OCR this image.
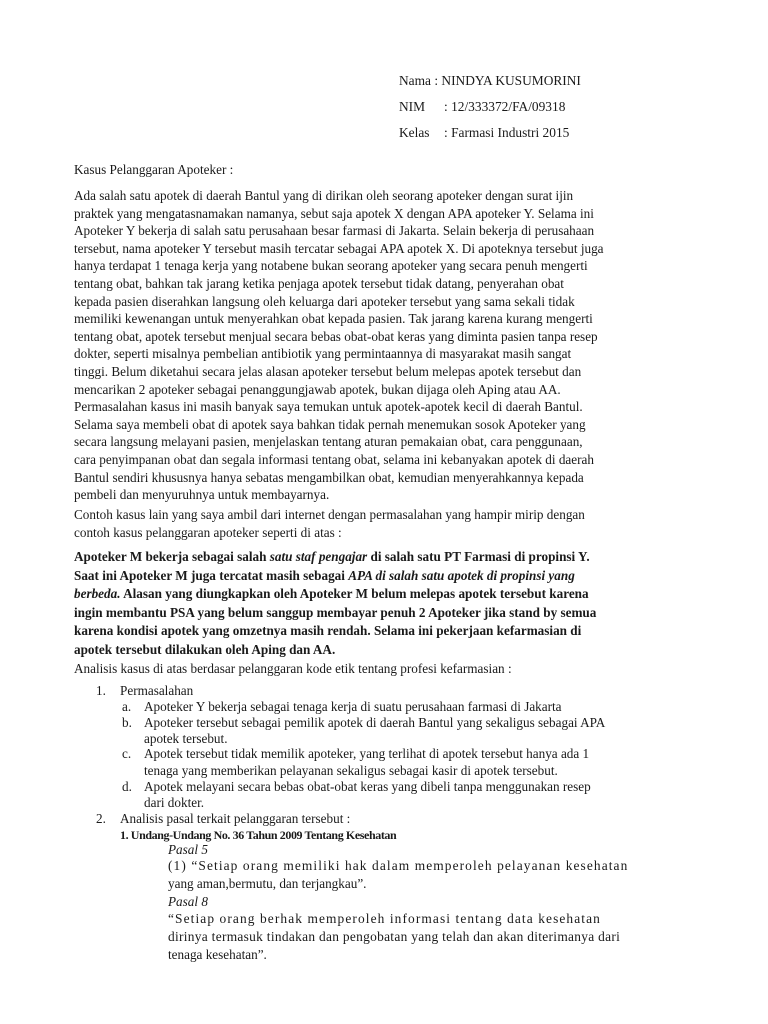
Nama : NINDYA KUSUMORINI
NIM : 12/333372/FA/09318
Kelas : Farmasi Industri 2015
Kasus Pelanggaran Apoteker :

Ada salah satu apotek di daerah Bantul yang di dirikan oleh seorang apoteker dengan surat ijin

praktek yang mengatasnamakan namanya, sebut saja apotek X dengan APA apoteker Y. Selama ini

Apoteker Y bekerja di salah satu perusahaan besar farmasi di Jakarta. Selain bekerja di perusahaan

tersebut, nama apoteker Y tersebut masih tercatar sebagai APA apotek X. Di apoteknya tersebut juga

hanya terdapat 1 tenaga kerja yang notabene bukan seorang apoteker yang secara penuh mengerti

tentang obat, bahkan tak jarang ketika penjaga apotek tersebut tidak datang, penyerahan obat

kepada pasien diserahkan langsung oleh keluarga dari apoteker tersebut yang sama sekali tidak

memiliki kewenangan untuk menyerahkan obat kepada pasien. Tak jarang karena kurang mengerti

tentang obat, apotek tersebut menjual secara bebas obat-obat keras yang diminta pasien tanpa resep

dokter, seperti misalnya pembelian antibiotik yang permintaannya di masyarakat masih sangat

tinggi. Belum diketahui secara jelas alasan apoteker tersebut belum melepas apotek tersebut dan

mencarikan 2 apoteker sebagai penanggungjawab apotek, bukan dijaga oleh Aping atau AA.

Permasalahan kasus ini masih banyak saya temukan untuk apotek-apotek kecil di daerah Bantul.

Selama saya membeli obat di apotek saya bahkan tidak pernah menemukan sosok Apoteker yang

secara langsung melayani pasien, menjelaskan tentang aturan pemakaian obat, cara penggunaan,

cara penyimpanan obat dan segala informasi tentang obat, selama ini kebanyakan apotek di daerah

Bantul sendiri khususnya hanya sebatas mengambilkan obat, kemudian menyerahkannya kepada

pembeli dan menyuruhnya untuk membayarnya.

Contoh kasus lain yang saya ambil dari internet dengan permasalahan yang hampir mirip dengan

contoh kasus pelanggaran apoteker seperti di atas :

Apoteker M bekerja sebagai salah satu staf pengajar di salah satu PT Farmasi di propinsi Y.

Saat ini Apoteker M juga tercatat masih sebagai APA di salah satu apotek di propinsi yang

berbeda. Alasan yang diungkapkan oleh Apoteker M belum melepas apotek tersebut karena

ingin membantu PSA yang belum sanggup membayar penuh 2 Apoteker jika stand by semua

karena kondisi apotek yang omzetnya masih rendah. Selama ini pekerjaan kefarmasian di

apotek tersebut dilakukan oleh Aping dan AA.

Analisis kasus di atas berdasar pelanggaran kode etik tentang profesi kefarmasian :

1. Permasalahan
a. Apoteker Y bekerja sebagai tenaga kerja di suatu perusahaan farmasi di Jakarta
b. Apoteker tersebut sebagai pemilik apotek di daerah Bantul yang sekaligus sebagai APA
apotek tersebut.
c. Apotek tersebut tidak memilik apoteker, yang terlihat di apotek tersebut hanya ada 1
tenaga yang memberikan pelayanan sekaligus sebagai kasir di apotek tersebut.
d. Apotek melayani secara bebas obat-obat keras yang dibeli tanpa menggunakan resep
dari dokter.
2. Analisis pasal terkait pelanggaran tersebut :
1. Undang-Undang No. 36 Tahun 2009 Tentang Kesehatan
Pasal 5
(1) “Setiap orang memiliki hak dalam memperoleh pelayanan kesehatan
yang aman,bermutu, dan terjangkau”.
Pasal 8
“Setiap orang berhak memperoleh informasi tentang data kesehatan
dirinya termasuk tindakan dan pengobatan yang telah dan akan diterimanya dari
tenaga kesehatan”.
